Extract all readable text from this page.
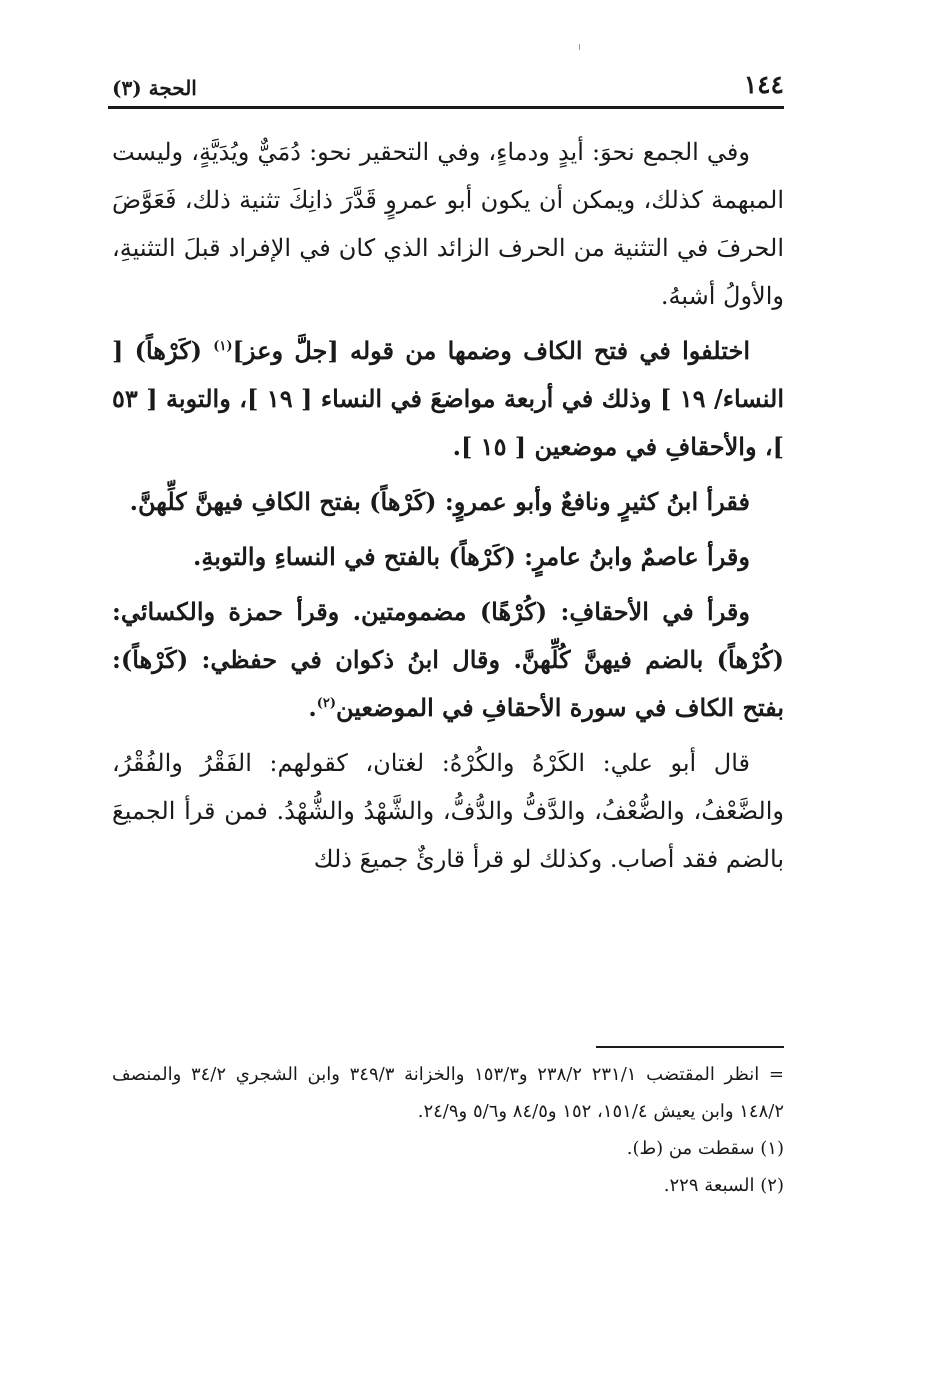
١٤٤
الحجة (٣)

وفي الجمع نحوَ: أيدٍ ودماءٍ، وفي التحقير نحو: دُمَيٌّ ويُدَيَّةٍ، وليست المبهمة كذلك، ويمكن أن يكون أبو عمروٍ قَدَّرَ ذانِكَ تثنية ذلك، فَعَوَّضَ الحرفَ في التثنية من الحرف الزائد الذي كان في الإفراد قبلَ التثنيةِ، والأولُ أشبهُ.

اختلفوا في فتح الكاف وضمها من قوله [جلَّ وعز]$^{(١)}$ (كَرْهاً) [ النساء/ ١٩ ] وذلك في أربعة مواضعَ في النساء [ ١٩ ]، والتوبة [ ٥٣ ]، والأحقافِ في موضعين [ ١٥ ].

فقرأ ابنُ كثيرٍ ونافعٌ وأبو عمروٍ: (كَرْهاً) بفتح الكافِ فيهنَّ كلِّهنَّ.

وقرأ عاصمٌ وابنُ عامرٍ: (كَرْهاً) بالفتح في النساءِ والتوبةِ.

وقرأ في الأحقافِ: (كُرْهًا) مضمومتين. وقرأ حمزة والكسائي: (كُرْهاً) بالضم فيهنَّ كُلِّهنَّ. وقال ابنُ ذكوان في حفظي: (كَرْهاً): بفتح الكاف في سورة الأحقافِ في الموضعين$^{(٢)}$.

قال أبو علي: الكَرْهُ والكُرْهُ: لغتان، كقولهم: الفَقْرُ والفُقْرُ، والضَّعْفُ، والضُّعْفُ، والدَّفُّ والدُّفُّ، والشَّهْدُ والشُّهْدُ. فمن قرأ الجميعَ بالضم فقد أصاب. وكذلك لو قرأ قارئٌ جميعَ ذلك

= انظر المقتضب ٢٣١/١ ٢٣٨/٢ و١٥٣/٣ والخزانة ٣٤٩/٣ وابن الشجري ٣٤/٢ والمنصف ١٤٨/٢ وابن يعيش ١٥١/٤، ١٥٢ و٨٤/٥ و٥/٦ و٢٤/٩.

(١) سقطت من (ط).

(٢) السبعة ٢٢٩.
